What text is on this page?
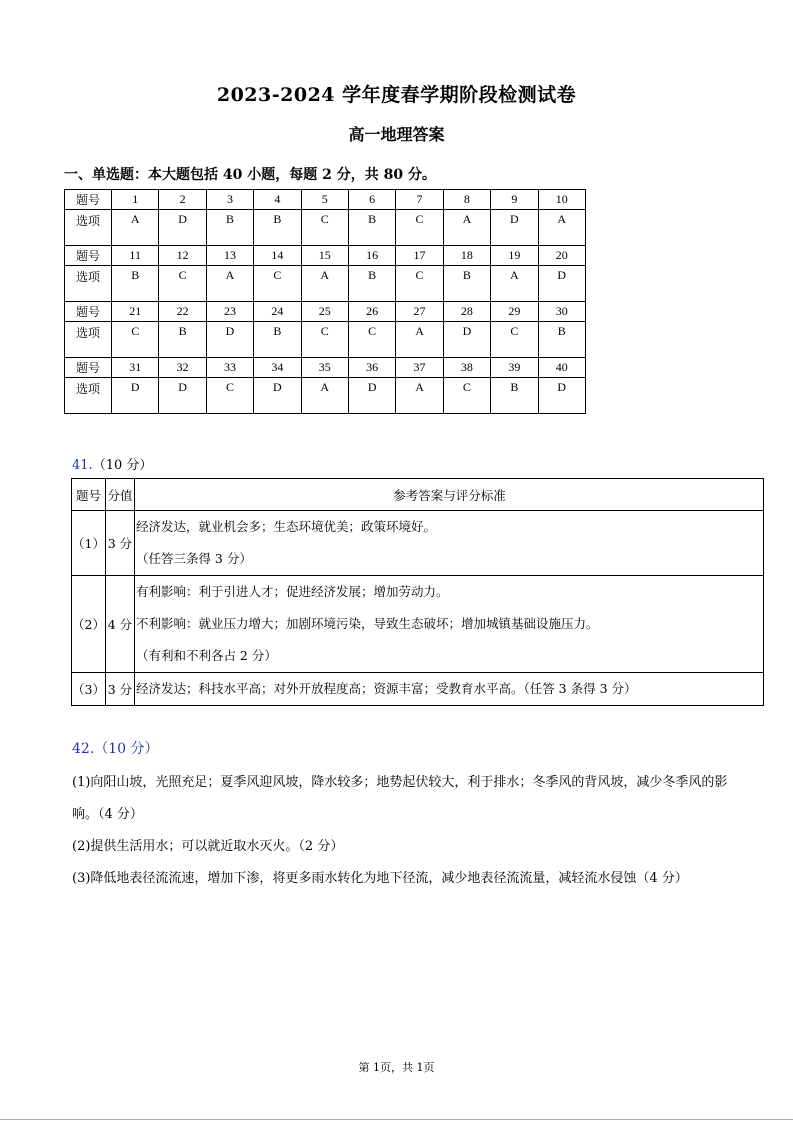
2023-2024 学年度春学期阶段检测试卷
高一地理答案
一、单选题：本大题包括 40 小题，每题 2 分，共 80 分。
题号	1	2	3	4	5	6	7	8	9	10
选项	A	D	B	B	C	B	C	A	D	A
题号	11	12	13	14	15	16	17	18	19	20
选项	B	C	A	C	A	B	C	B	A	D
题号	21	22	23	24	25	26	27	28	29	30
选项	C	B	D	B	C	C	A	D	C	B
题号	31	32	33	34	35	36	37	38	39	40
选项	D	D	C	D	A	D	A	C	B	D
41.（10 分）
题号	分值	参考答案与评分标准
（1）	3 分	经济发达，就业机会多；生态环境优美；政策环境好。
（任答三条得 3 分）

（2）	4 分	有利影响：利于引进人才；促进经济发展；增加劳动力。
不利影响：就业压力增大；加剧环境污染，导致生态破坏；增加城镇基础设施压力。
（有利和不利各占 2 分）

（3）	3 分	经济发达；科技水平高；对外开放程度高；资源丰富；受教育水平高。（任答 3 条得 3 分）
42.（10 分）

(1)向阳山坡，光照充足；夏季风迎风坡，降水较多；地势起伏较大，利于排水；冬季风的背风坡，减少冬季风的影响。（4 分）

(2)提供生活用水；可以就近取水灭火。（2 分）

(3)降低地表径流流速，增加下渗，将更多雨水转化为地下径流，减少地表径流流量，减轻流水侵蚀（4 分）

第 1页，共 1页
